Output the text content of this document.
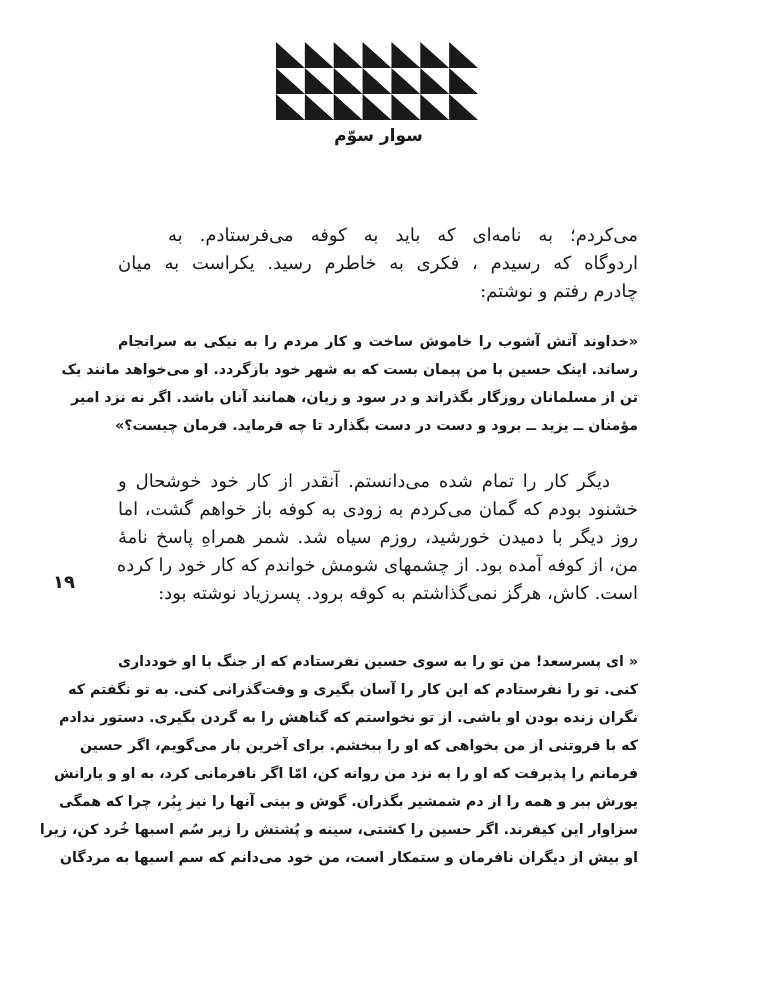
سوار سوّم
می‌کردم؛ به نامه‌ای که باید به کوفه می‌فرستادم. به
اردوگاه که رسیدم ، فکری به خاطرم رسید. یکراست به میان
چادرم رفتم و نوشتم:
«خداوند آتش آشوب را خاموش ساخت و کار مردم را به نیکی به سرانجام
رساند. اینک حسین با من پیمان بست که به شهر خود بازگردد. او می‌خواهد مانند یک
تن از مسلمانان روزگار بگذراند و در سود و زیان، همانند آنان باشد. اگر نه نزد امیر
مؤمنان ــ یزید ــ برود و دست در دست بگذارد تا چه فرماید. فرمان چیست؟»
دیگر کار را تمام شده می‌دانستم. آنقدر از کار خود خوشحال و
خشنود بودم که گمان می‌کردم به زودی به کوفه باز خواهم گشت، اما
روز دیگر با دمیدن خورشید، روزم سیاه شد. شمر همراهِ پاسخ نامهٔ
من، از کوفه آمده بود. از چشمهای شومش خواندم که کار خود را کرده
است. کاش، هرگز نمی‌گذاشتم به کوفه برود. پسرزیاد نوشته بود:
« ای پسرسعد! من تو را به سوی حسین نفرستادم که از جنگ با او خودداری
کنی. تو را نفرستادم که این کار را آسان بگیری و وقت‌گذرانی کنی. به تو نگفتم که
نگران زنده بودن او باشی. از تو نخواستم که گناهش را به گردن بگیری. دستور ندادم
که با فروتنی از من بخواهی که او را ببخشم. برای آخرین بار می‌گویم، اگر حسین
فرمانم را پذیرفت که او را به نزد من روانه کن، امّا اگر نافرمانی کرد، به او و یارانش
یورش ببر و همه را از دم شمشیر بگذران. گوش و بینی آنها را نیز بِبُر، چرا که همگی
سزاوار این کیفرند. اگر حسین را کشتی، سینه و پُشتش را زیر سُم اسبها خُرد کن، زیرا
او بیش از دیگران نافرمان و ستمکار است، من خود می‌دانم که سم اسبها به مردگان
١٩
